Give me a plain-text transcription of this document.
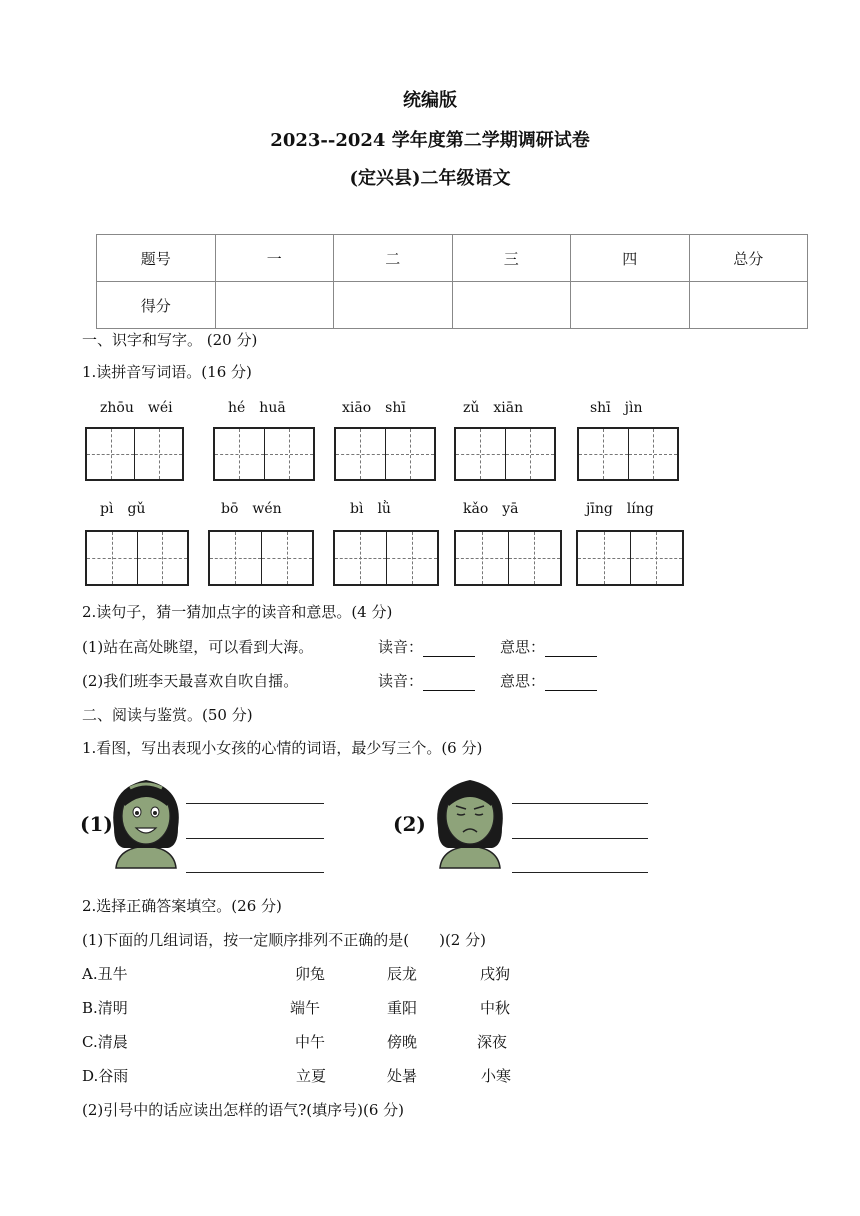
统编版
2023--2024 学年度第二学期调研试卷
(定兴县)二年级语文
题号	一	二	三	四	总分
得分					
一、识字和写字。 (20 分)
1.读拼音写词语。(16 分)
zhōu　wéi	hé　huā	xiāo　shī	zǔ　xiān	shī　jìn
pì　gǔ	bō　wén	bì　lǜ	kǎo　yā	jīng　líng
2.读句子，猜一猜加点字的读音和意思。(4 分)
(1)站在高处眺望，可以看到大海。	读音：	意思：
(2)我们班李天最喜欢自吹自擂。	读音：	意思：
二、阅读与鉴赏。(50 分)
1.看图，写出表现小女孩的心情的词语，最少写三个。(6 分)
(1)	(2)
2.选择正确答案填空。(26 分)
(1)下面的几组词语，按一定顺序排列不正确的是(　　)(2 分)
A.丑牛	卯兔	辰龙	戌狗
B.清明	端午	重阳	中秋
C.清晨	中午	傍晚	深夜
D.谷雨	立夏	处暑	小寒
(2)引号中的话应读出怎样的语气?(填序号)(6 分)
